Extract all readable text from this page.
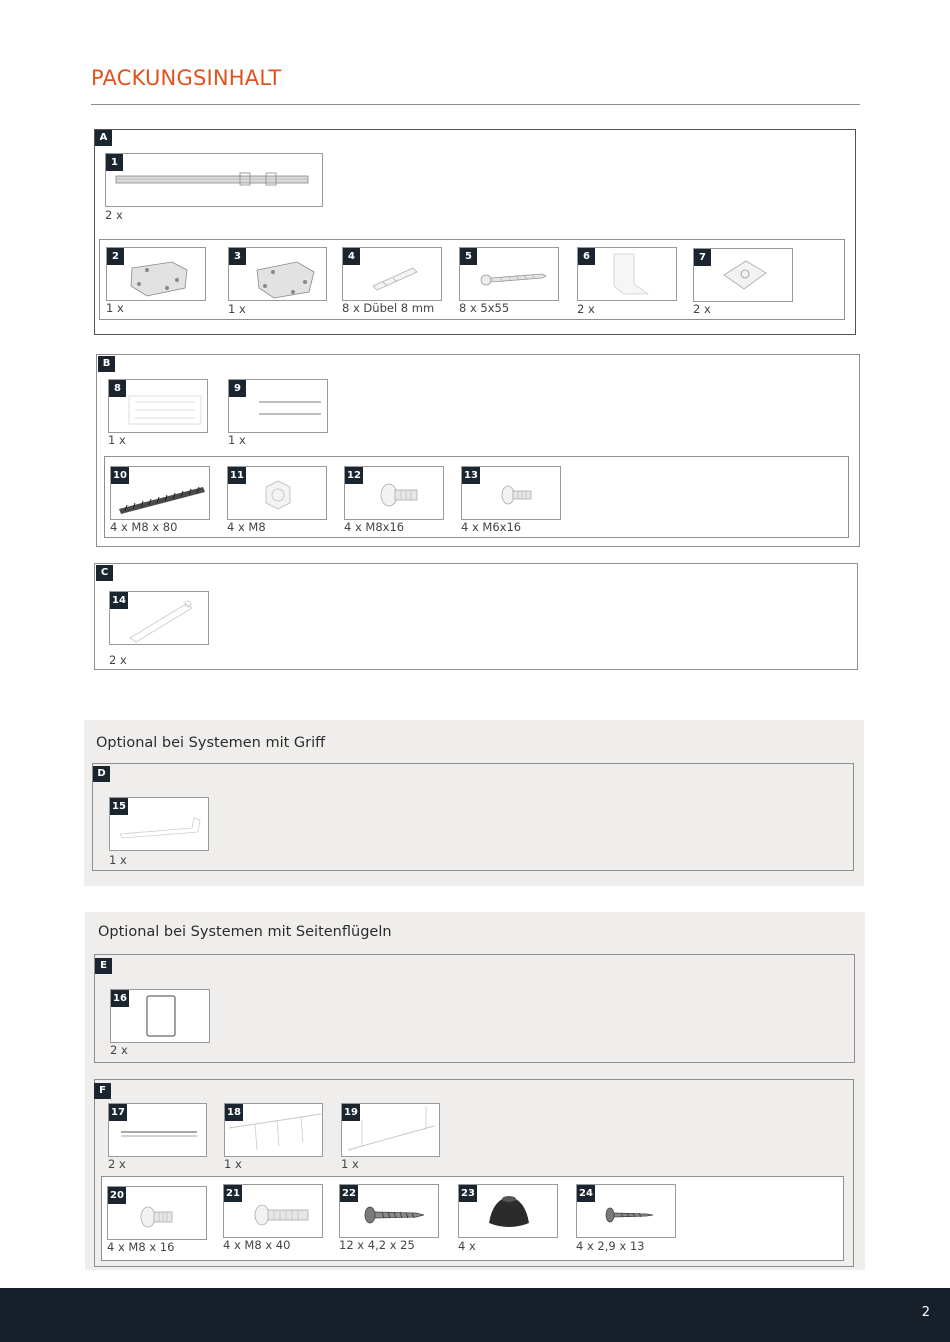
PACKUNGSINHALT
A
1
2 x
2
1 x
3
1 x
4
8 x Dübel 8 mm
5
8 x 5x55
6
2 x
7
2 x
B
8
1 x
9
1 x
10
4 x M8 x 80
11
4 x M8
12
4 x M8x16
13
4 x M6x16
C
14
2 x
Optional bei Systemen mit Griff
D
15
1 x
Optional bei Systemen mit Seitenflügeln
E
16
2 x
F
17
2 x
18
1 x
19
1 x
20
4 x M8 x 16
21
4 x M8 x 40
22
12 x 4,2 x 25
23
4 x
24
4 x 2,9 x 13
2
